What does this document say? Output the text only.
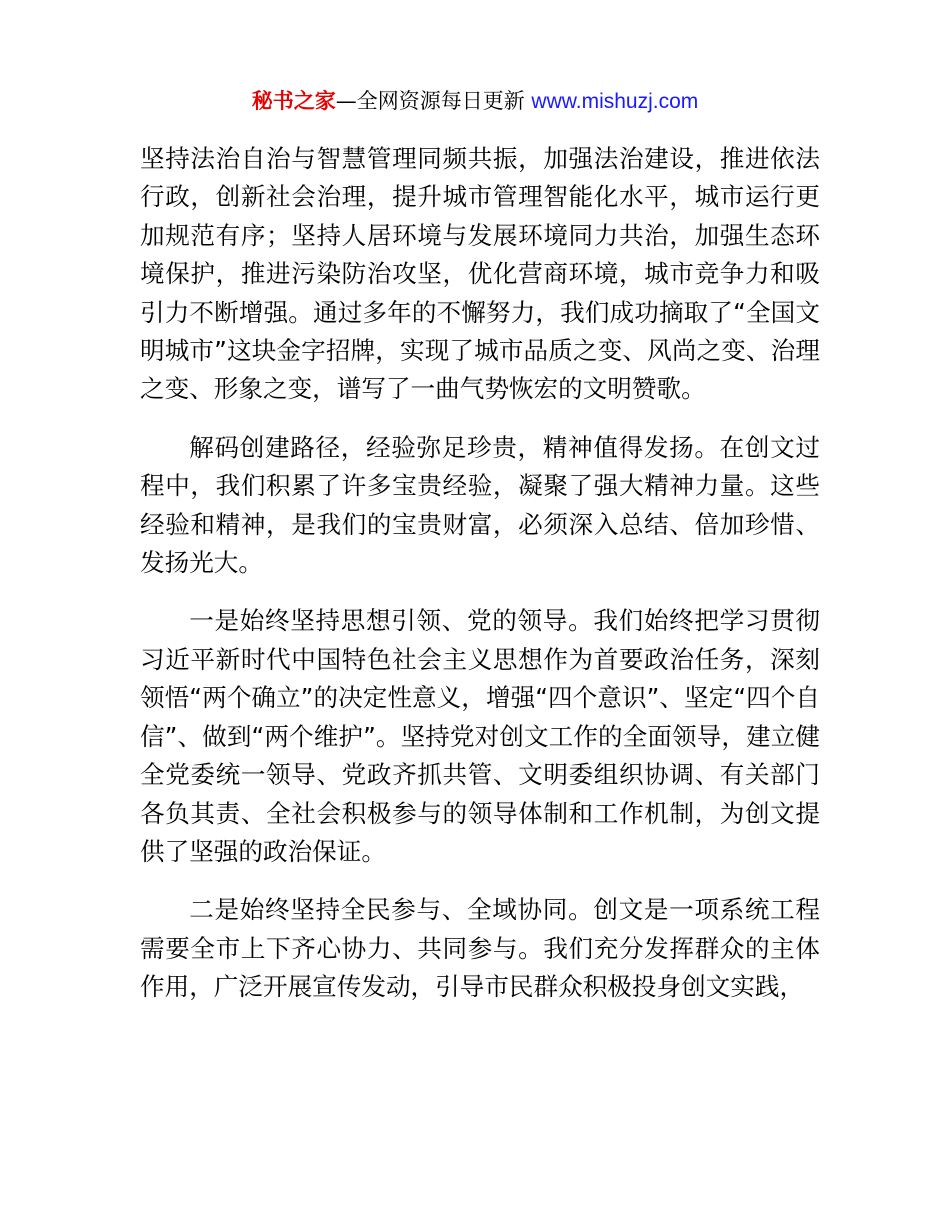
秘书之家—全网资源每日更新 www.mishuzj.com

坚持法治自治与智慧管理同频共振，加强法治建设，推进依法行政，创新社会治理，提升城市管理智能化水平，城市运行更加规范有序；坚持人居环境与发展环境同力共治，加强生态环境保护，推进污染防治攻坚，优化营商环境，城市竞争力和吸引力不断增强。通过多年的不懈努力，我们成功摘取了“全国文明城市”这块金字招牌，实现了城市品质之变、风尚之变、治理之变、形象之变，谱写了一曲气势恢宏的文明赞歌。

解码创建路径，经验弥足珍贵，精神值得发扬。在创文过程中，我们积累了许多宝贵经验，凝聚了强大精神力量。这些经验和精神，是我们的宝贵财富，必须深入总结、倍加珍惜、发扬光大。

一是始终坚持思想引领、党的领导。我们始终把学习贯彻习近平新时代中国特色社会主义思想作为首要政治任务，深刻领悟“两个确立”的决定性意义，增强“四个意识”、坚定“四个自信”、做到“两个维护”。坚持党对创文工作的全面领导，建立健全党委统一领导、党政齐抓共管、文明委组织协调、有关部门各负其责、全社会积极参与的领导体制和工作机制，为创文提供了坚强的政治保证。

二是始终坚持全民参与、全域协同。创文是一项系统工程需要全市上下齐心协力、共同参与。我们充分发挥群众的主体作用，广泛开展宣传发动，引导市民群众积极投身创文实践，
